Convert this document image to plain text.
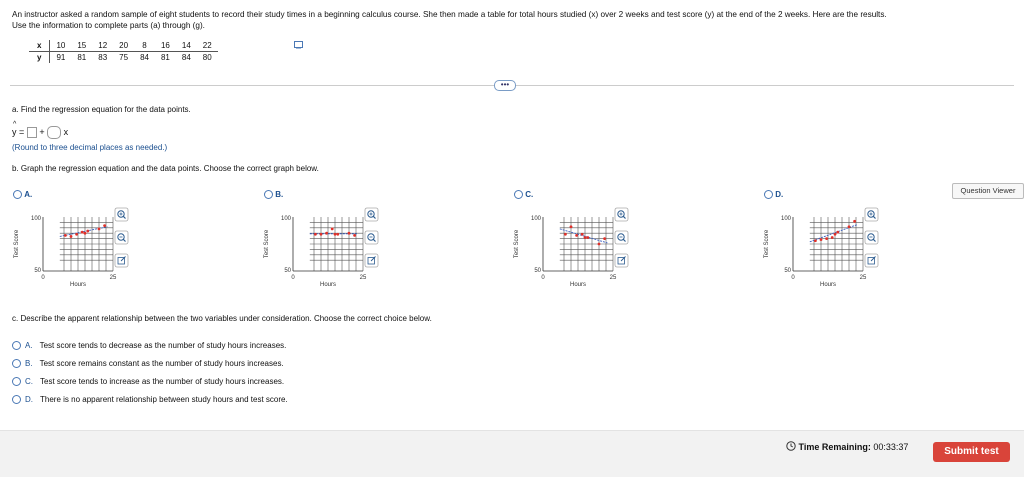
An instructor asked a random sample of eight students to record their study times in a beginning calculus course. She then made a table for total hours studied (x) over 2 weeks and test score (y) at the end of the 2 weeks. Here are the results.
Use the information to complete parts (a) through (g).
x	10	15	12	20	8	16	14	22
y	91	81	83	75	84	81	84	80
•••
a. Find the regression equation for the data points.
^
y = + x
(Round to three decimal places as needed.)
b. Graph the regression equation and the data points. Choose the correct graph below.
Question Viewer
A.	B.	C.	D.
100
50
0	25
Hours
Test Score
100
50
0	25
Hours
Test Score
100
50
0	25
Hours
Test Score
100
50
0	25
Hours
Test Score
c. Describe the apparent relationship between the two variables under consideration. Choose the correct choice below.
A. Test score tends to decrease as the number of study hours increases.
B. Test score remains constant as the number of study hours increases.
C. Test score tends to increase as the number of study hours increases.
D. There is no apparent relationship between study hours and test score.
Time Remaining: 00:33:37	Submit test
